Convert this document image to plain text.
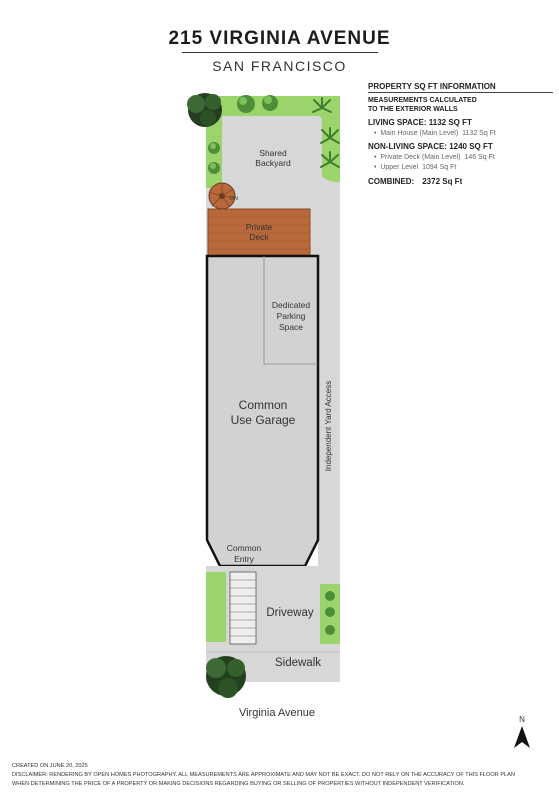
215 VIRGINIA AVENUE
SAN FRANCISCO
PROPERTY SQ FT INFORMATION
MEASUREMENTS CALCULATED
TO THE EXTERIOR WALLS
LIVING SPACE: 1132 SQ FT
•  Main House (Main Level) 1132 Sq Ft
NON-LIVING SPACE: 1240 SQ FT
•  Private Deck (Main Level) 146 Sq Ft
•  Upper Level 1094 Sq Ft
COMBINED: 2372 Sq Ft
Shared
Backyard
DN
Private
Deck
Dedicated
Parking
Space
Common
Use Garage	Independent Yard Access
Common
Entry
Driveway
Sidewalk
Virginia Avenue
N
CREATED ON JUNE 20, 2025
DISCLAIMER: RENDERING BY OPEN HOMES PHOTOGRAPHY. ALL MEASUREMENTS ARE APPROXIMATE AND MAY NOT BE EXACT. DO NOT RELY ON THE ACCURACY OF THIS FLOOR PLAN
WHEN DETERMINING THE PRICE OF A PROPERTY OR MAKING DECISIONS REGARDING BUYING OR SELLING OF PROPERTIES WITHOUT INDEPENDENT VERIFICATION.
